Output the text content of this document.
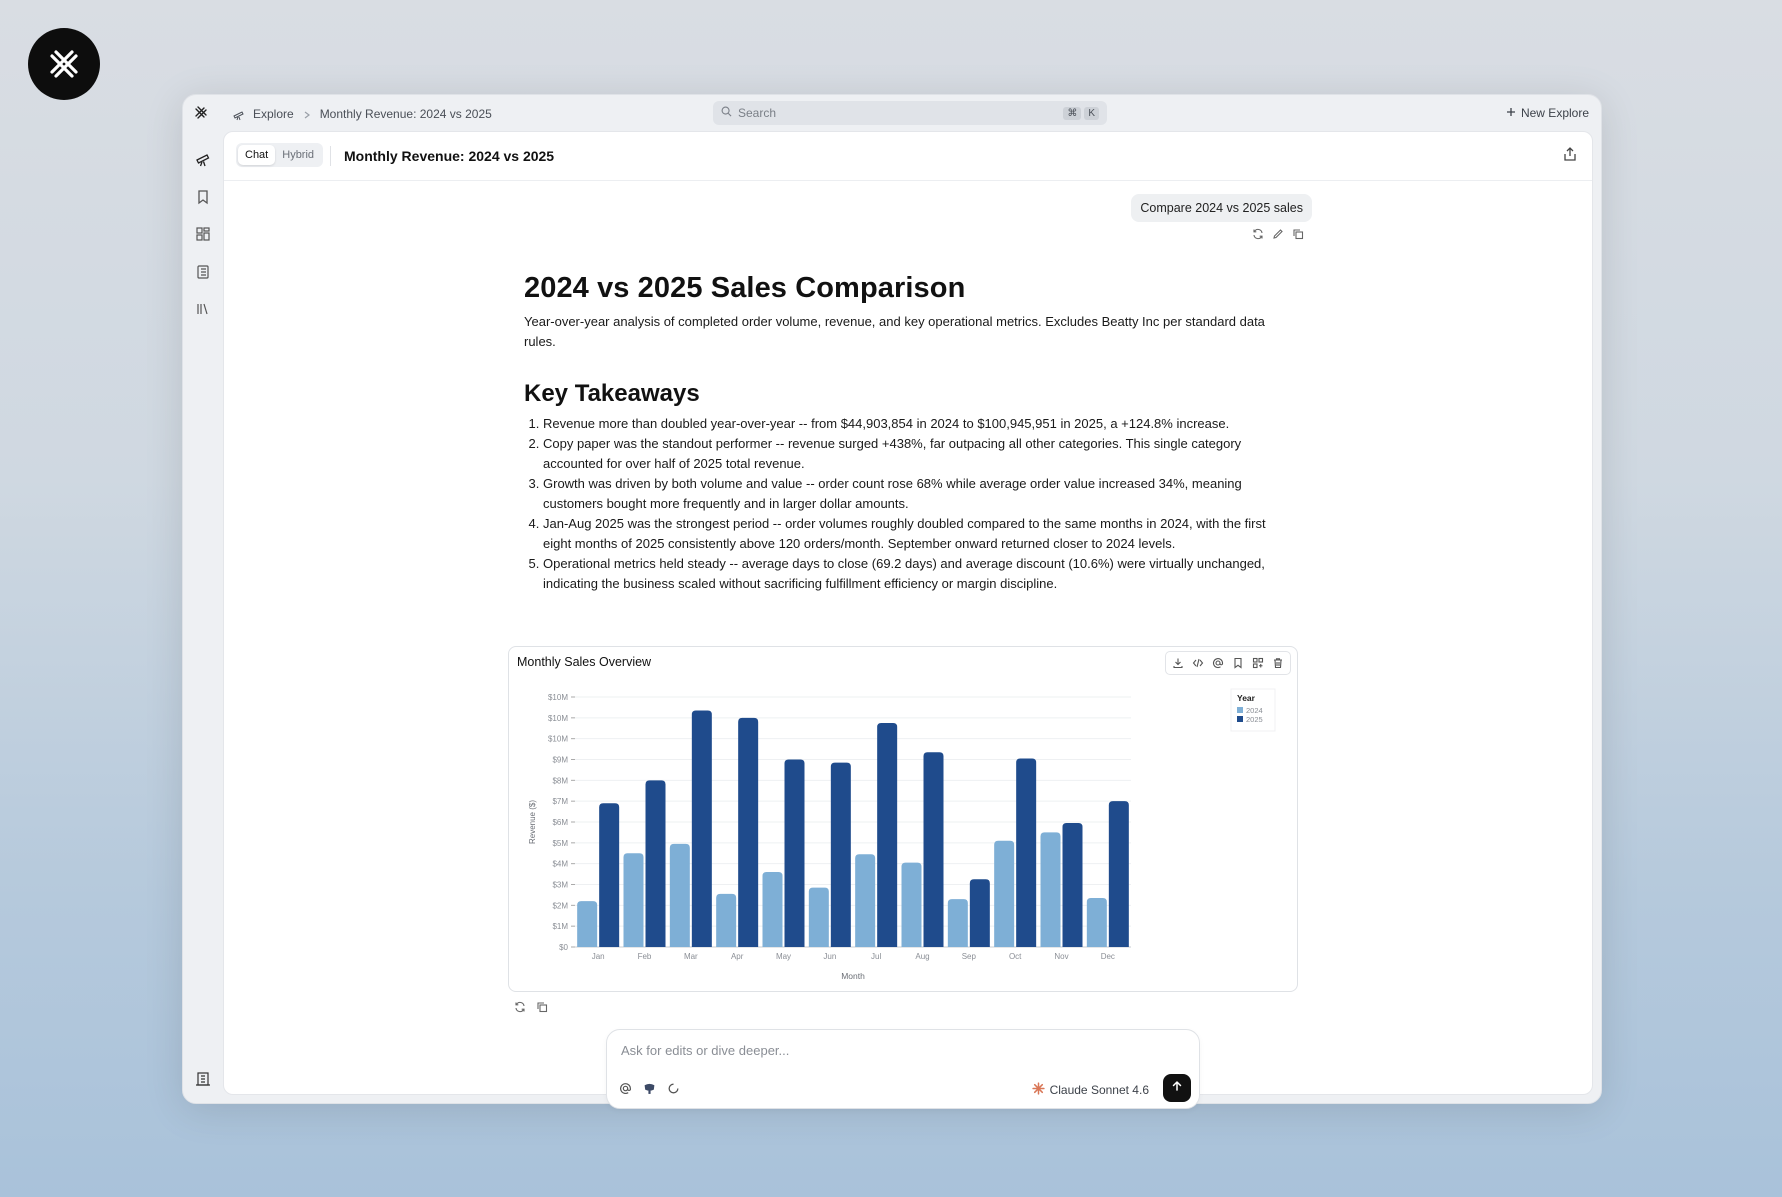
Explore Monthly Revenue: 2024 vs 2025	Search	⌘	K	New Explore
Chat	Hybrid	Monthly Revenue: 2024 vs 2025
Compare 2024 vs 2025 sales
2024 vs 2025 Sales Comparison

Year-over-year analysis of completed order volume, revenue, and key operational metrics. Excludes Beatty Inc per standard data rules.

Key Takeaways
1. Revenue more than doubled year-over-year -- from $44,903,854 in 2024 to $100,945,951 in 2025, a +124.8% increase.
2. Copy paper was the standout performer -- revenue surged +438%, far outpacing all other categories. This single category accounted for over half of 2025 total revenue.
3. Growth was driven by both volume and value -- order count rose 68% while average order value increased 34%, meaning customers bought more frequently and in larger dollar amounts.
4. Jan-Aug 2025 was the strongest period -- order volumes roughly doubled compared to the same months in 2024, with the first eight months of 2025 consistently above 120 orders/month. September onward returned closer to 2024 levels.
5. Operational metrics held steady -- average days to close (69.2 days) and average discount (10.6%) were virtually unchanged, indicating the business scaled without sacrificing fulfillment efficiency or margin discipline.
$0
$1M
$2M
$3M
$4M
$5M
$6M
$7M
$8M
$9M
$10M
$10M
$10M
Jan	Feb	Mar	Apr	May	Jun	Jul	Aug	Sep	Oct	Nov	Dec
Month
Revenue ($)
Year
2024
2025
Monthly Sales Overview
Ask for edits or dive deeper...
Claude Sonnet 4.6
